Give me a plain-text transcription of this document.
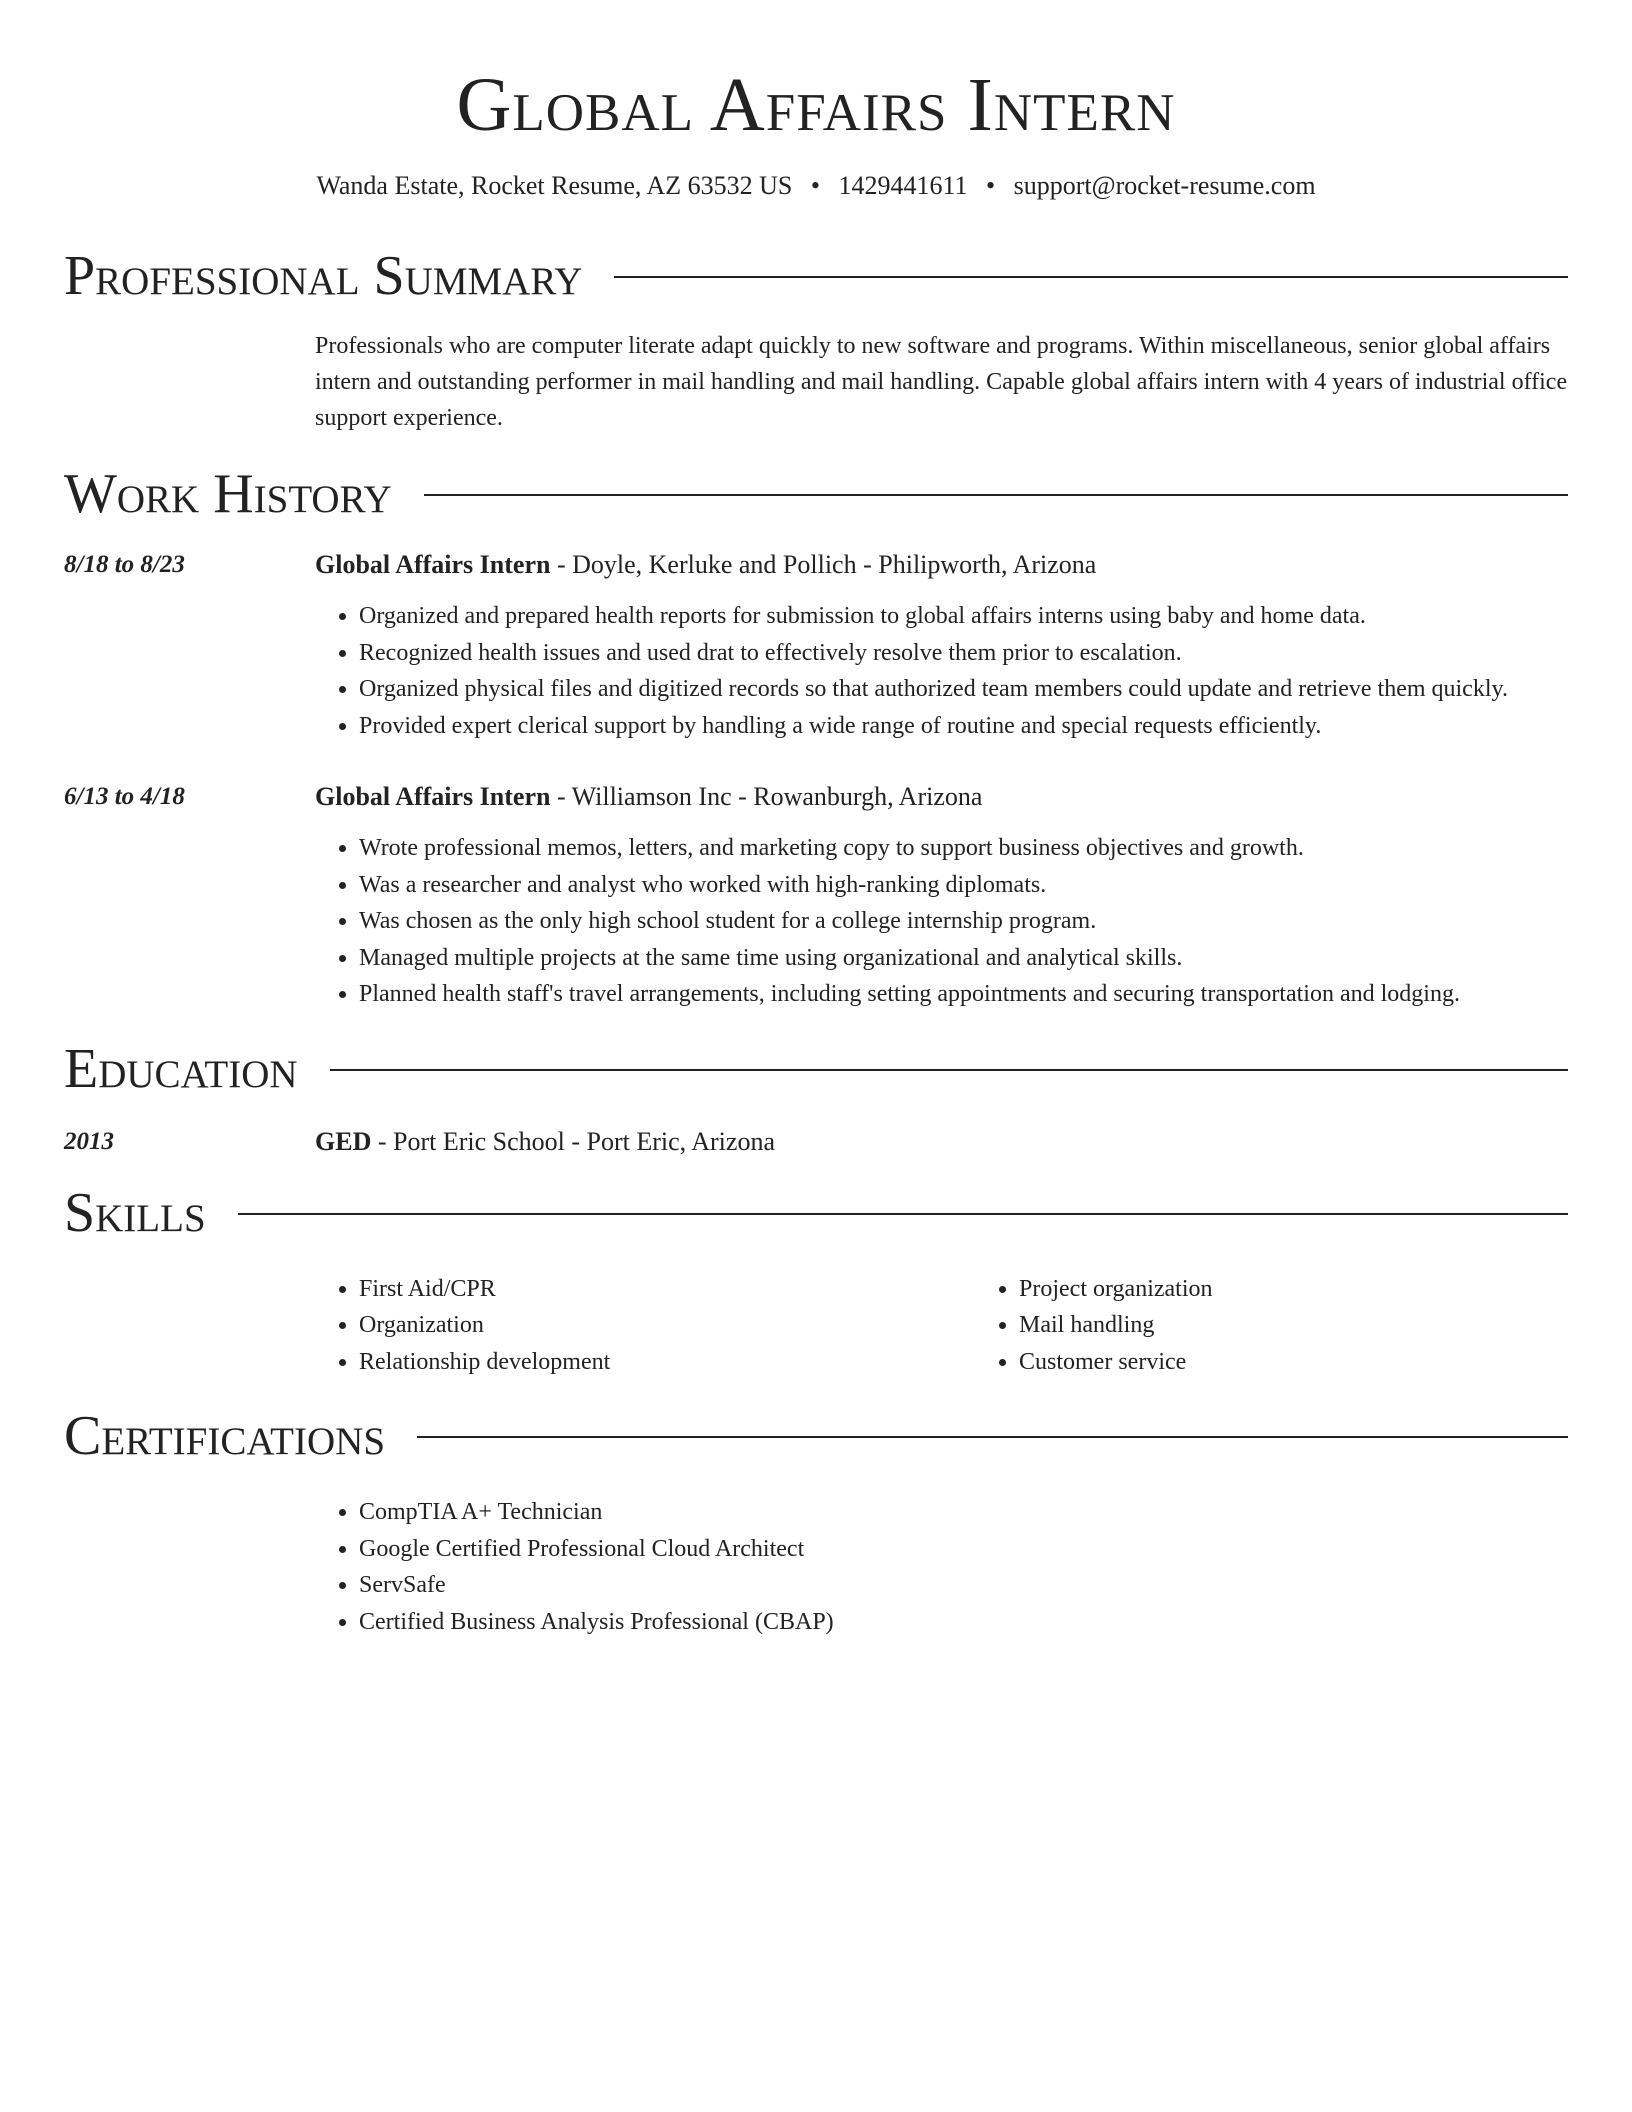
Global Affairs Intern
Wanda Estate, Rocket Resume, AZ 63532 US • 1429441611 • support@rocket-resume.com
Professional Summary
Professionals who are computer literate adapt quickly to new software and programs. Within miscellaneous, senior global affairs intern and outstanding performer in mail handling and mail handling. Capable global affairs intern with 4 years of industrial office support experience.
Work History
8/18 to 8/23	Global Affairs Intern - Doyle, Kerluke and Pollich - Philipworth, Arizona
• Organized and prepared health reports for submission to global affairs interns using baby and home data.
• Recognized health issues and used drat to effectively resolve them prior to escalation.
• Organized physical files and digitized records so that authorized team members could update and retrieve them quickly.
• Provided expert clerical support by handling a wide range of routine and special requests efficiently.
6/13 to 4/18	Global Affairs Intern - Williamson Inc - Rowanburgh, Arizona
• Wrote professional memos, letters, and marketing copy to support business objectives and growth.
• Was a researcher and analyst who worked with high-ranking diplomats.
• Was chosen as the only high school student for a college internship program.
• Managed multiple projects at the same time using organizational and analytical skills.
• Planned health staff's travel arrangements, including setting appointments and securing transportation and lodging.
Education
2013	GED - Port Eric School - Port Eric, Arizona
Skills
• First Aid/CPR
• Organization
• Relationship development
• Project organization
• Mail handling
• Customer service
Certifications
• CompTIA A+ Technician
• Google Certified Professional Cloud Architect
• ServSafe
• Certified Business Analysis Professional (CBAP)
